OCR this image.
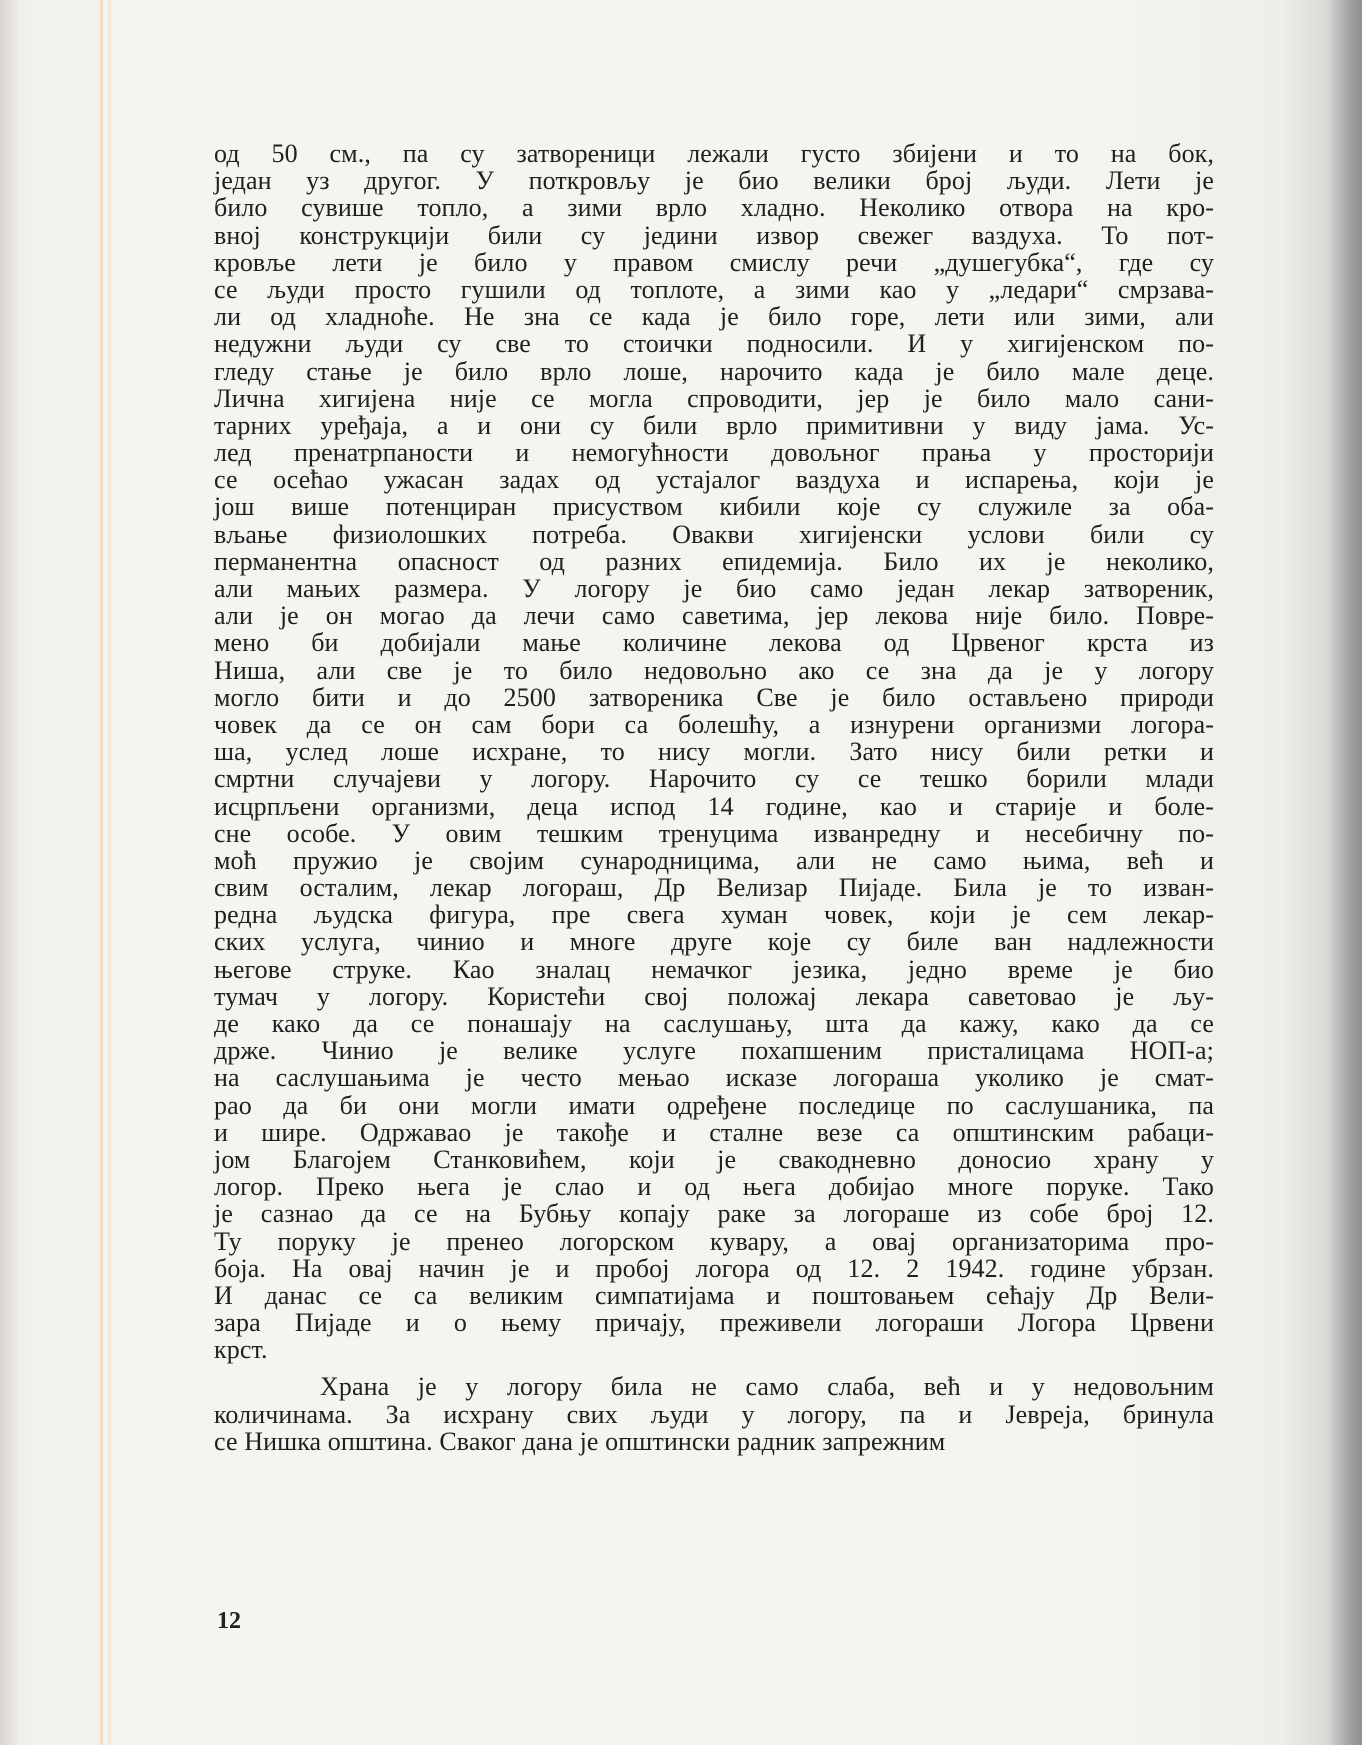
од 50 см., па су затвореници лежали густо збијени и то на бок,
један уз другог. У поткровљу је био велики број људи. Лети је
било сувише топло, а зими врло хладно. Неколико отвора на кро-
вној конструкцији били су једини извор свежег ваздуха. То пот-
кровље лети је било у правом смислу речи „душегубка“, где су
се људи просто гушили од топлоте, а зими као у „ледари“ смрзава-
ли од хладноће. Не зна се када је било горе, лети или зими, али
недужни људи су све то стоички подносили. И у хигијенском по-
гледу стање је било врло лоше, нарочито када је било мале деце.
Лична хигијена није се могла спроводити, јер је било мало сани-
тарних уређаја, а и они су били врло примитивни у виду јама. Ус-
лед пренатрпаности и немогућности довољног прања у просторији
се осећао ужасан задах од устајалог ваздуха и испарења, који је
још више потенциран присуством кибили које су служиле за оба-
вљање физиолошких потреба. Овакви хигијенски услови били су
перманентна опасност од разних епидемија. Било их је неколико,
али мањих размера. У логору је био само један лекар затвореник,
али је он могао да лечи само саветима, јер лекова није било. Повре-
мено би добијали мање количине лекова од Црвеног крста из
Ниша, али све је то било недовољно ако се зна да је у логору
могло бити и до 2500 затвореника Све је било остављено природи
човек да се он сам бори са болешћу, а изнурени организми логора-
ша, услед лоше исхране, то нису могли. Зато нису били ретки и
смртни случајеви у логору. Нарочито су се тешко борили млади
исцрпљени организми, деца испод 14 године, као и старије и боле-
сне особе. У овим тешким тренуцима изванредну и несебичну по-
моћ пружио је својим сународницима, али не само њима, већ и
свим осталим, лекар логораш, Др Велизар Пијаде. Била је то изван-
редна људска фигура, пре свега хуман човек, који је сем лекар-
ских услуга, чинио и многе друге које су биле ван надлежности
његове струке. Као зналац немачког језика, једно време је био
тумач у логору. Користећи свој положај лекара саветовао је љу-
де како да се понашају на саслушању, шта да кажу, како да се
држе. Чинио је велике услуге похапшеним присталицама НОП-а;
на саслушањима је често мењао исказе логораша уколико је смат-
рао да би они могли имати одређене последице по саслушаника, па
и шире. Одржавао је такође и сталне везе са општинским рабаци-
јом Благојем Станковићем, који је свакодневно доносио храну у
логор. Преко њега је слао и од њега добијао многе поруке. Тако
је сазнао да се на Бубњу копају раке за логораше из собе број 12.
Ту поруку је пренео логорском кувару, а овај организаторима про-
боја. На овај начин је и пробој логора од 12. 2 1942. године убрзан.
И данас се са великим симпатијама и поштовањем сећају Др Вели-
зара Пијаде и о њему причају, преживели логораши Логора Црвени
крст.
Храна је у логору била не само слаба, већ и у недовољним
количинама. За исхрану свих људи у логору, па и Јевреја, бринула
се Нишка општина. Сваког дана је општински радник запрежним
12
